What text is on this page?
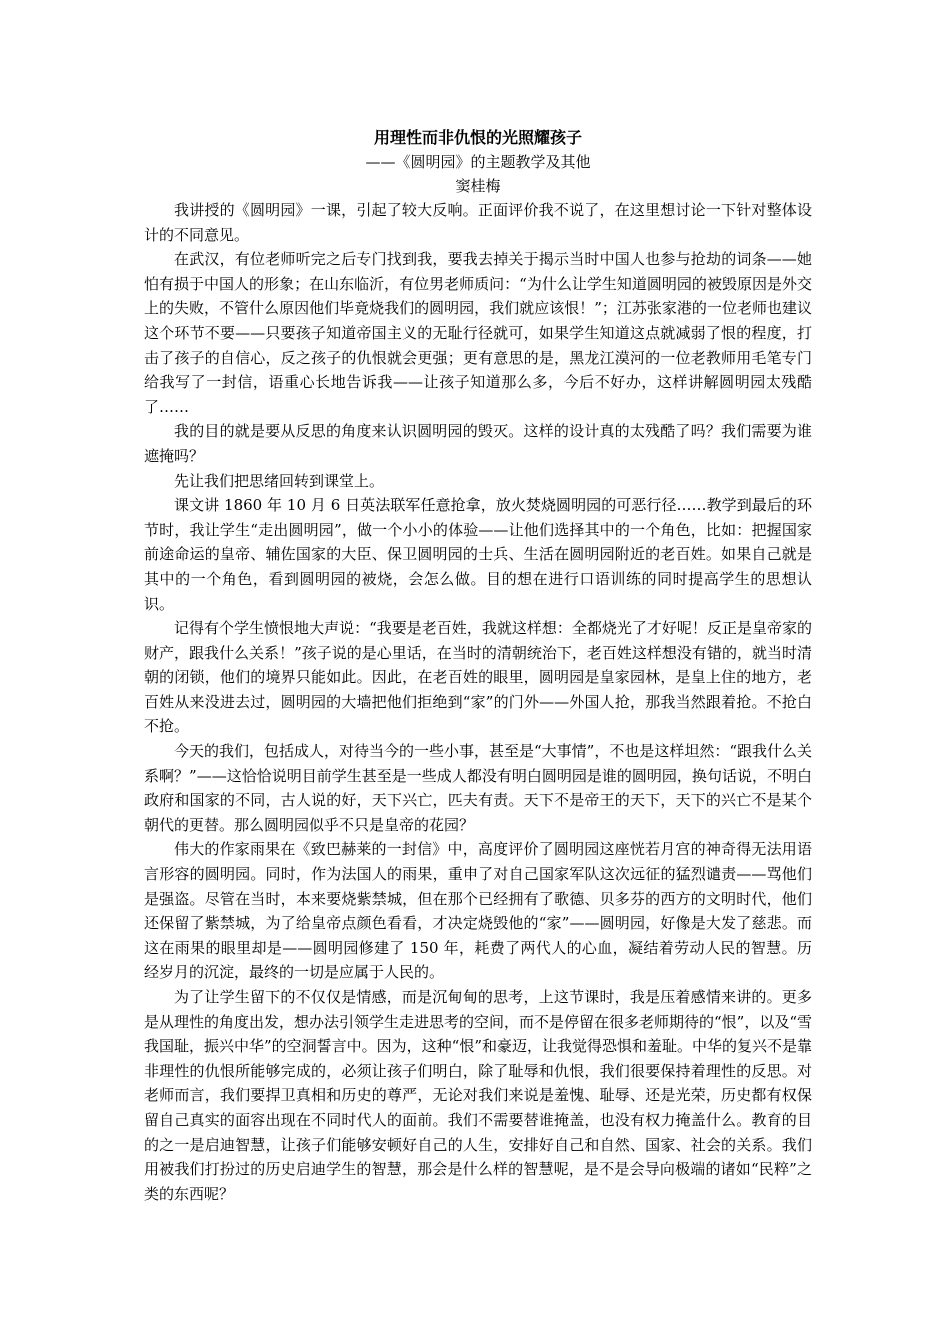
用理性而非仇恨的光照耀孩子

——《圆明园》的主题教学及其他

窦桂梅

我讲授的《圆明园》一课，引起了较大反响。正面评价我不说了，在这里想讨论一下针对整体设计的不同意见。

在武汉，有位老师听完之后专门找到我，要我去掉关于揭示当时中国人也参与抢劫的词条——她怕有损于中国人的形象；在山东临沂，有位男老师质问：“为什么让学生知道圆明园的被毁原因是外交上的失败，不管什么原因他们毕竟烧我们的圆明园，我们就应该恨！”；江苏张家港的一位老师也建议这个环节不要——只要孩子知道帝国主义的无耻行径就可，如果学生知道这点就减弱了恨的程度，打击了孩子的自信心，反之孩子的仇恨就会更强；更有意思的是，黑龙江漠河的一位老教师用毛笔专门给我写了一封信，语重心长地告诉我——让孩子知道那么多，今后不好办，这样讲解圆明园太残酷了……

我的目的就是要从反思的角度来认识圆明园的毁灭。这样的设计真的太残酷了吗？我们需要为谁遮掩吗？

先让我们把思绪回转到课堂上。

课文讲 1860 年 10 月 6 日英法联军任意抢拿，放火焚烧圆明园的可恶行径……教学到最后的环节时，我让学生“走出圆明园”，做一个小小的体验——让他们选择其中的一个角色，比如：把握国家前途命运的皇帝、辅佐国家的大臣、保卫圆明园的士兵、生活在圆明园附近的老百姓。如果自己就是其中的一个角色，看到圆明园的被烧，会怎么做。目的想在进行口语训练的同时提高学生的思想认识。

记得有个学生愤恨地大声说：“我要是老百姓，我就这样想：全都烧光了才好呢！反正是皇帝家的财产，跟我什么关系！”孩子说的是心里话，在当时的清朝统治下，老百姓这样想没有错的，就当时清朝的闭锁，他们的境界只能如此。因此，在老百姓的眼里，圆明园是皇家园林，是皇上住的地方，老百姓从来没进去过，圆明园的大墙把他们拒绝到“家”的门外——外国人抢，那我当然跟着抢。不抢白不抢。

今天的我们，包括成人，对待当今的一些小事，甚至是“大事情”，不也是这样坦然：“跟我什么关系啊？”——这恰恰说明目前学生甚至是一些成人都没有明白圆明园是谁的圆明园，换句话说，不明白政府和国家的不同，古人说的好，天下兴亡，匹夫有责。天下不是帝王的天下，天下的兴亡不是某个朝代的更替。那么圆明园似乎不只是皇帝的花园？

伟大的作家雨果在《致巴赫莱的一封信》中，高度评价了圆明园这座恍若月宫的神奇得无法用语言形容的圆明园。同时，作为法国人的雨果，重申了对自己国家军队这次远征的猛烈谴责——骂他们是强盗。尽管在当时，本来要烧紫禁城，但在那个已经拥有了歌德、贝多芬的西方的文明时代，他们还保留了紫禁城，为了给皇帝点颜色看看，才决定烧毁他的“家”——圆明园，好像是大发了慈悲。而这在雨果的眼里却是——圆明园修建了 150 年，耗费了两代人的心血，凝结着劳动人民的智慧。历经岁月的沉淀，最终的一切是应属于人民的。

为了让学生留下的不仅仅是情感，而是沉甸甸的思考，上这节课时，我是压着感情来讲的。更多是从理性的角度出发，想办法引领学生走进思考的空间，而不是停留在很多老师期待的“恨”，以及“雪我国耻，振兴中华”的空洞誓言中。因为，这种“恨”和豪迈，让我觉得恐惧和羞耻。中华的复兴不是靠非理性的仇恨所能够完成的，必须让孩子们明白，除了耻辱和仇恨，我们很要保持着理性的反思。对老师而言，我们要捍卫真相和历史的尊严，无论对我们来说是羞愧、耻辱、还是光荣，历史都有权保留自己真实的面容出现在不同时代人的面前。我们不需要替谁掩盖，也没有权力掩盖什么。教育的目的之一是启迪智慧，让孩子们能够安顿好自己的人生，安排好自己和自然、国家、社会的关系。我们用被我们打扮过的历史启迪学生的智慧，那会是什么样的智慧呢，是不是会导向极端的诸如“民粹”之类的东西呢？
